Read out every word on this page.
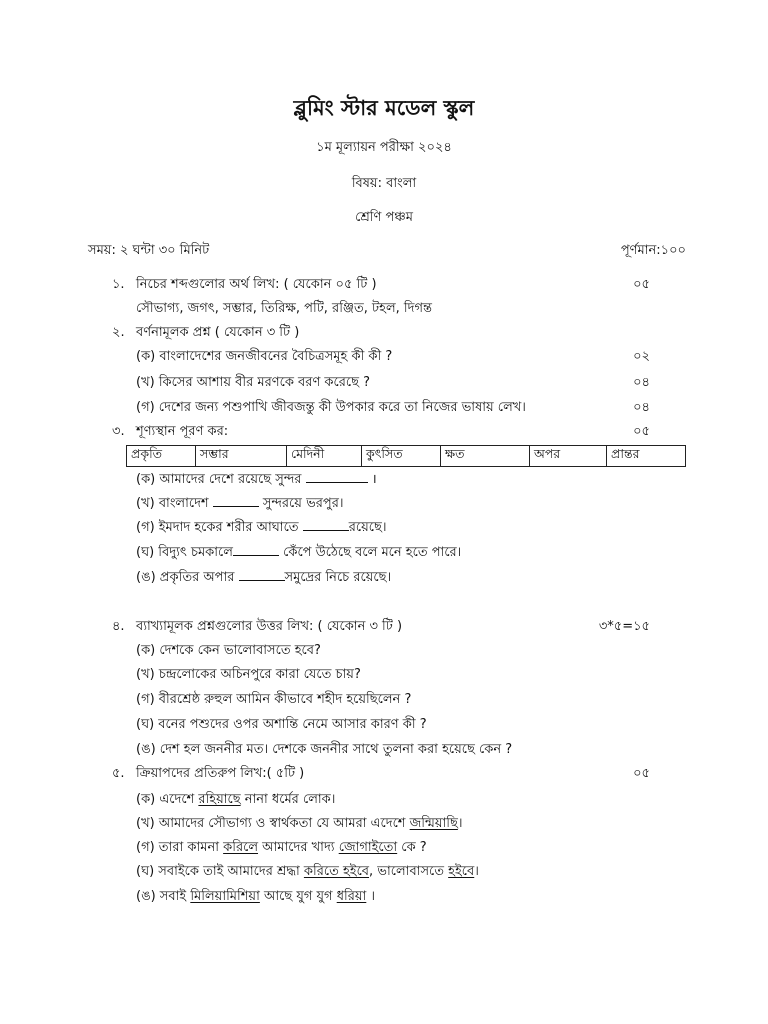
ব্লুমিং স্টার মডেল স্কুল
১ম মূল্যায়ন পরীক্ষা ২০২৪
বিষয়: বাংলা
শ্রেণি পঞ্চম
সময়: ২ ঘন্টা ৩০ মিনিট	পূর্ণমান:১০০
১. নিচের শব্দগুলোর অর্থ লিখ: ( যেকোন ০৫ টি )	০৫
সৌভাগ্য, জগৎ, সম্ভার, তিরিক্ষ, পটি, রঞ্জিত, টহল, দিগন্ত
২. বর্ণনামূলক প্রশ্ন ( যেকোন ৩ টি )
(ক) বাংলাদেশের জনজীবনের বৈচিত্রসমূহ কী কী ?	০২
(খ) কিসের আশায় বীর মরণকে বরণ করেছে ?	০৪
(গ) দেশের জন্য পশুপাখি জীবজন্তু কী উপকার করে তা নিজের ভাষায় লেখ।	০৪
৩. শূণ্যস্থান পূরণ কর:	০৫
প্রকৃতি	সম্ভার	মেদিনী	কুৎসিত	ক্ষত	অপর	প্রান্তর
(ক) আমাদের দেশে রয়েছে সুন্দর	।
(খ) বাংলাদেশ	সুন্দরয়ে ভরপুর।
(গ) ইমদাদ হকের শরীর আঘাতে	রয়েছে।
(ঘ) বিদ্যুৎ চমকালে	কেঁপে উঠেছে বলে মনে হতে পারে।
(ঙ) প্রকৃতির অপার	সমুদ্রের নিচে রয়েছে।
৪. ব্যাখ্যামূলক প্রশ্নগুলোর উত্তর লিখ: ( যেকোন ৩ টি )	৩*৫=১৫
(ক) দেশকে কেন ভালোবাসতে হবে?
(খ) চন্দ্রলোকের অচিনপুরে কারা যেতে চায়?
(গ) বীরশ্রেষ্ঠ রুহুল আমিন কীভাবে শহীদ হয়েছিলেন ?
(ঘ) বনের পশুদের ওপর অশান্তি নেমে আসার কারণ কী ?
(ঙ) দেশ হল জননীর মত। দেশকে জননীর সাথে তুলনা করা হয়েছে কেন ?
৫. ক্রিয়াপদের প্রতিরুপ লিখ:( ৫টি )	০৫
(ক) এদেশে রহিয়াছে নানা ধর্মের লোক।
(খ) আমাদের সৌভাগ্য ও স্বার্থকতা যে আমরা এদেশে জন্মিয়াছি।
(গ) তারা কামনা করিলে আমাদের খাদ্য জোগাইতো কে ?
(ঘ) সবাইকে তাই আমাদের শ্রদ্ধা করিতে হইবে, ভালোবাসতে হইবে।
(ঙ) সবাই মিলিয়ামিশিয়া আছে যুগ যুগ ধরিয়া ।
